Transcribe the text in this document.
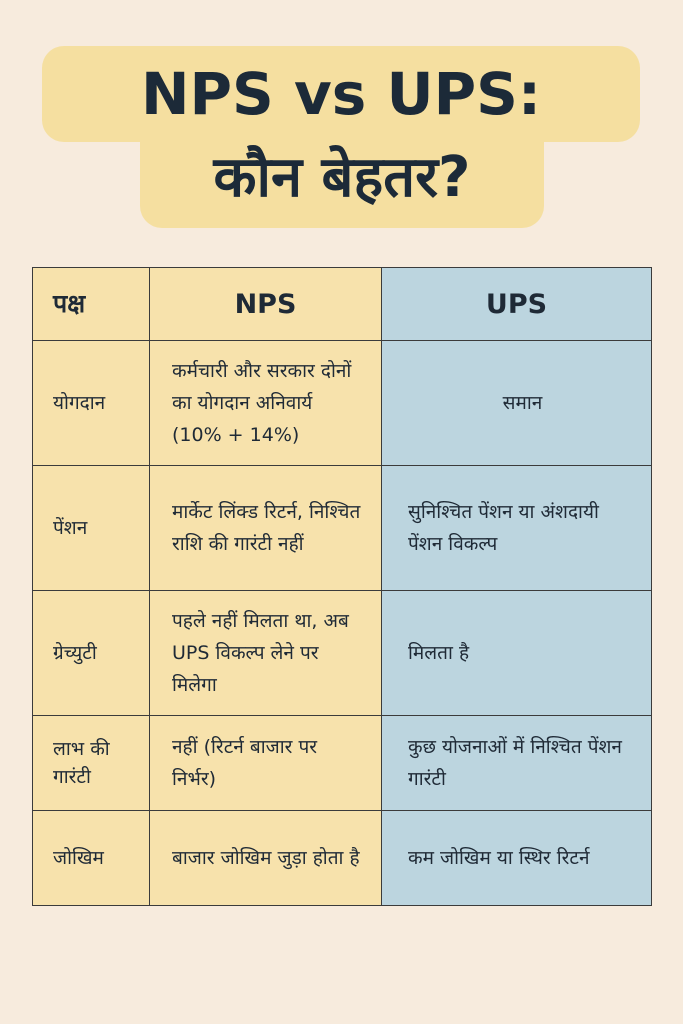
NPS vs UPS:
कौन बेहतर?
पक्ष	NPS	UPS
योगदान	कर्मचारी और सरकार दोनों का योगदान अनिवार्य (10% + 14%)	समान
पेंशन	मार्केट लिंक्ड रिटर्न, निश्चित राशि की गारंटी नहीं	सुनिश्चित पेंशन या अंशदायी पेंशन विकल्प
ग्रेच्युटी	पहले नहीं मिलता था, अब UPS विकल्प लेने पर मिलेगा	मिलता है
लाभ की गारंटी	नहीं (रिटर्न बाजार पर निर्भर)	कुछ योजनाओं में निश्चित पेंशन गारंटी
जोखिम	बाजार जोखिम जुड़ा होता है	कम जोखिम या स्थिर रिटर्न
